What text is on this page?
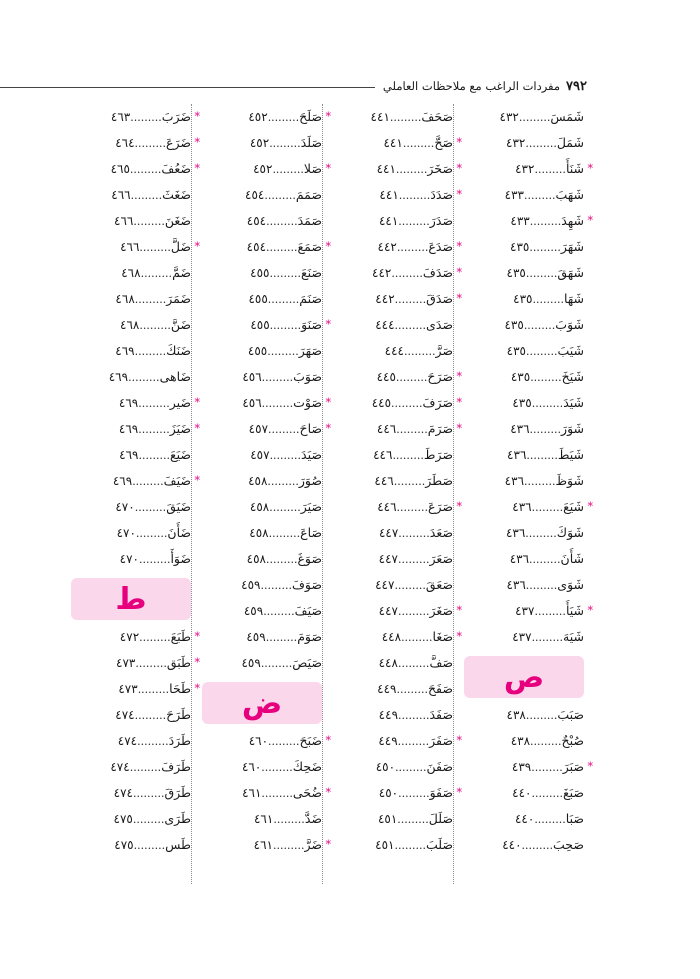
٧٩٢
مفردات الراغب مع ملاحظات العاملي
شَمَسَ.........٤٣٢
شَمَلَ.........٤٣٢
*
شَنَأَ.........٤٣٢
شَهَبَ.........٤٣٣
*
شَهِدَ.........٤٣٣
شَهَرَ.........٤٣٥
شَهَقَ.........٤٣٥
شَهَا.........٤٣٥
شَوَبَ.........٤٣٥
شَيَبَ.........٤٣٥
شَيَخَ.........٤٣٥
شَيَدَ.........٤٣٥
شَوَرَ.........٤٣٦
شَيَطَ.........٤٣٦
شَوَظَ.........٤٣٦
*
شَيَعَ.........٤٣٦
شَوَكَ.........٤٣٦
شَأَنَ.........٤٣٦
شَوَى.........٤٣٦
*
شَيَأَ.........٤٣٧
شَيَهَ.........٤٣٧
ص
صَبَبَ.........٤٣٨
صُبْحٌ.........٤٣٨
*
صَبَرَ.........٤٣٩
صَبَغَ.........٤٤٠
صَبَا.........٤٤٠
صَحِبَ.........٤٤٠
صَحَفَ.........٤٤١
*
صَحَّ.........٤٤١
*
صَخَرَ.........٤٤١
*
صَدَدَ.........٤٤١
صَدَرَ.........٤٤١
*
صَدَعَ.........٤٤٢
*
صَدَفَ.........٤٤٢
*
صَدَقَ.........٤٤٢
صَدَى.........٤٤٤
صَرَّ.........٤٤٤
*
صَرَحَ.........٤٤٥
*
صَرَفَ.........٤٤٥
*
صَرَمَ.........٤٤٦
صَرَطَ.........٤٤٦
صَطَرَ.........٤٤٦
*
صَرَعَ.........٤٤٦
صَعَدَ.........٤٤٧
صَعَرَ.........٤٤٧
صَعَقَ.........٤٤٧
*
صَغَرَ.........٤٤٧
*
صَغَا.........٤٤٨
صَفَّ.........٤٤٨
صَفَحَ.........٤٤٩
صَفَدَ.........٤٤٩
*
صَفَرَ.........٤٤٩
صَفَنَ.........٤٥٠
*
صَفَوَ.........٤٥٠
صَلَلَ.........٤٥١
صَلَبَ.........٤٥١
*
صَلَحَ.........٤٥٢
صَلَدَ.........٤٥٢
*
صَلا.........٤٥٢
صَمَمَ.........٤٥٤
صَمَدَ.........٤٥٤
*
صَمَعَ.........٤٥٤
صَنَعَ.........٤٥٥
صَنَمَ.........٤٥٥
*
صَنَوَ.........٤٥٥
صَهَرَ.........٤٥٥
صَوَبَ.........٤٥٦
*
صَوْت.........٤٥٦
*
صَاحَ.........٤٥٧
صَيَدَ.........٤٥٧
صُوَرَ.........٤٥٨
صَيَرَ.........٤٥٨
صَاعَ.........٤٥٨
صَوَغَ.........٤٥٨
صَوَفَ.........٤٥٩
صَيَفَ.........٤٥٩
صَوَمَ.........٤٥٩
صَيَصَ.........٤٥٩
ض
*
ضَبَحَ.........٤٦٠
ضَحِكَ.........٤٦٠
*
ضُحَى.........٤٦١
ضَدَّ.........٤٦١
*
ضَرَّ.........٤٦١
*
ضَرَبَ.........٤٦٣
*
ضَرَعَ.........٤٦٤
*
ضَعُفَ.........٤٦٥
ضَغَثَ.........٤٦٦
ضَغَنَ.........٤٦٦
*
ضَلَّ.........٤٦٦
ضَمَّ.........٤٦٨
ضَمَرَ.........٤٦٨
ضَنَّ.........٤٦٨
ضَنَكَ.........٤٦٩
ضَاهى.........٤٦٩
*
ضَير.........٤٦٩
*
ضَيَزَ.........٤٦٩
ضَيَعَ.........٤٦٩
*
ضَيَفَ.........٤٦٩
ضَيَقَ.........٤٧٠
ضَأَنَ.........٤٧٠
ضَوَأَ.........٤٧٠
ط
*
طَبَعَ.........٤٧٢
*
طَبَق.........٤٧٣
*
طَحَا.........٤٧٣
طَرَحَ.........٤٧٤
طَرَدَ.........٤٧٤
طَرَفَ.........٤٧٤
طَرَقَ.........٤٧٤
طَرَى.........٤٧٥
طَس.........٤٧٥
